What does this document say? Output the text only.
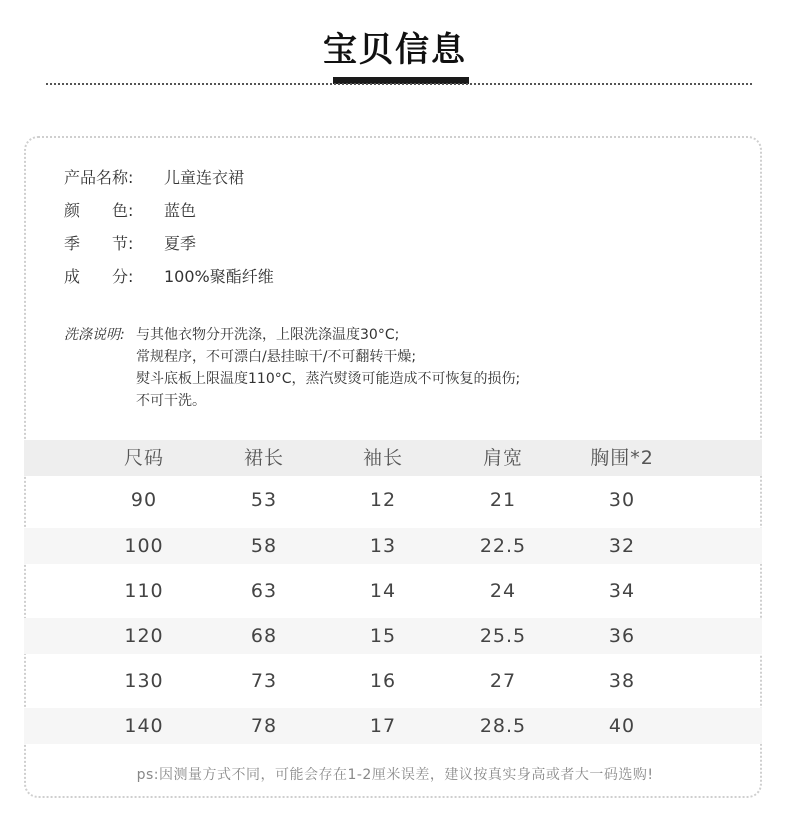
宝贝信息
产品名称:	儿童连衣裙
颜　　色:	蓝色
季　　节:	夏季
成　　分:	100%聚酯纤维
洗涤说明: 与其他衣物分开洗涤，上限洗涤温度30°C;
常规程序，不可漂白/悬挂晾干/不可翻转干燥;
熨斗底板上限温度110°C，蒸汽熨烫可能造成不可恢复的损伤;
不可干洗。
尺码	裙长	袖长	肩宽	胸围*2
90	53	12	21	30
100	58	13	22.5	32
110	63	14	24	34
120	68	15	25.5	36
130	73	16	27	38
140	78	17	28.5	40
ps:因测量方式不同，可能会存在1-2厘米误差，建议按真实身高或者大一码选购!
